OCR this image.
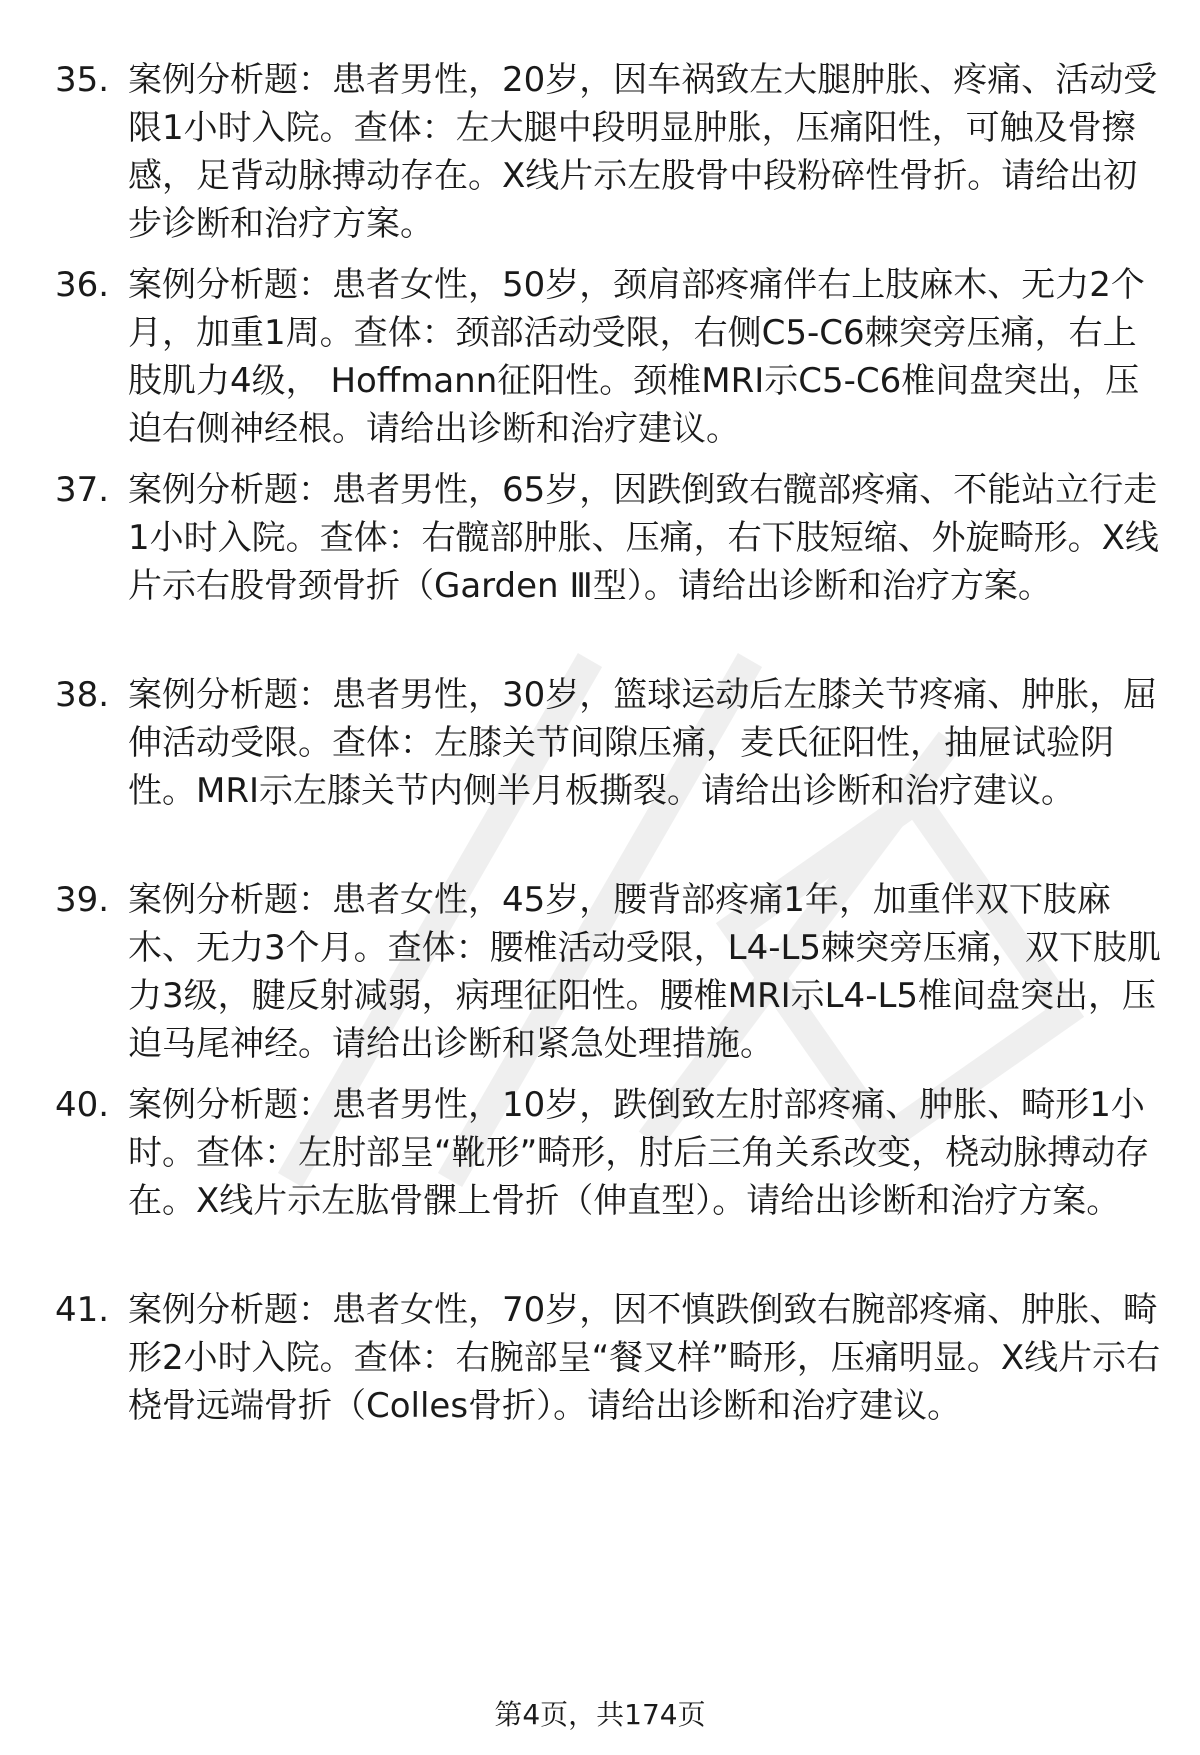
35. 案例分析题：患者男性，20岁，因车祸致左大腿肿胀、疼痛、活动受限1小时入院。查体：左大腿中段明显肿胀，压痛阳性，可触及骨擦感，足背动脉搏动存在。X线片示左股骨中段粉碎性骨折。请给出初步诊断和治疗方案。
36. 案例分析题：患者女性，50岁，颈肩部疼痛伴右上肢麻木、无力2个月，加重1周。查体：颈部活动受限，右侧C5-C6棘突旁压痛，右上肢肌力4级， Hoffmann征阳性。颈椎MRI示C5-C6椎间盘突出，压迫右侧神经根。请给出诊断和治疗建议。
37. 案例分析题：患者男性，65岁，因跌倒致右髋部疼痛、不能站立行走1小时入院。查体：右髋部肿胀、压痛，右下肢短缩、外旋畸形。X线片示右股骨颈骨折（Garden Ⅲ型）。请给出诊断和治疗方案。
38. 案例分析题：患者男性，30岁，篮球运动后左膝关节疼痛、肿胀，屈伸活动受限。查体：左膝关节间隙压痛，麦氏征阳性，抽屉试验阴性。MRI示左膝关节内侧半月板撕裂。请给出诊断和治疗建议。
39. 案例分析题：患者女性，45岁，腰背部疼痛1年，加重伴双下肢麻木、无力3个月。查体：腰椎活动受限，L4-L5棘突旁压痛，双下肢肌力3级，腱反射减弱，病理征阳性。腰椎MRI示L4-L5椎间盘突出，压迫马尾神经。请给出诊断和紧急处理措施。
40. 案例分析题：患者男性，10岁，跌倒致左肘部疼痛、肿胀、畸形1小时。查体：左肘部呈“靴形”畸形，肘后三角关系改变，桡动脉搏动存在。X线片示左肱骨髁上骨折（伸直型）。请给出诊断和治疗方案。
41. 案例分析题：患者女性，70岁，因不慎跌倒致右腕部疼痛、肿胀、畸形2小时入院。查体：右腕部呈“餐叉样”畸形，压痛明显。X线片示右桡骨远端骨折（Colles骨折）。请给出诊断和治疗建议。
第4页，共174页
